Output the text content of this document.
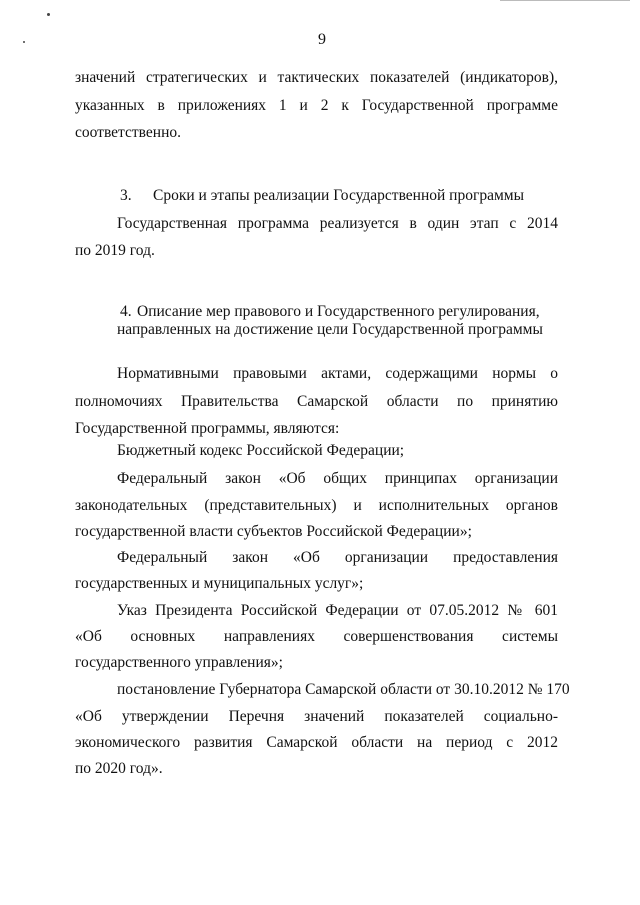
9
значений стратегических и тактических показателей (индикаторов),
указанных в приложениях 1 и 2 к Государственной программе
соответственно.
3. Сроки и этапы реализации Государственной программы
Государственная программа реализуется в один этап с 2014
по 2019 год.
4. Описание мер правового и Государственного регулирования,
направленных на достижение цели Государственной программы
Нормативными правовыми актами, содержащими нормы о
полномочиях Правительства Самарской области по принятию
Государственной программы, являются:
Бюджетный кодекс Российской Федерации;
Федеральный закон «Об общих принципах организации
законодательных (представительных) и исполнительных органов
государственной власти субъектов Российской Федерации»;
Федеральный закон «Об организации предоставления
государственных и муниципальных услуг»;
Указ Президента Российской Федерации от 07.05.2012 № 601
«Об основных направлениях совершенствования системы
государственного управления»;
постановление Губернатора Самарской области от 30.10.2012 № 170
«Об утверждении Перечня значений показателей социально-
экономического развития Самарской области на период с 2012
по 2020 год».
